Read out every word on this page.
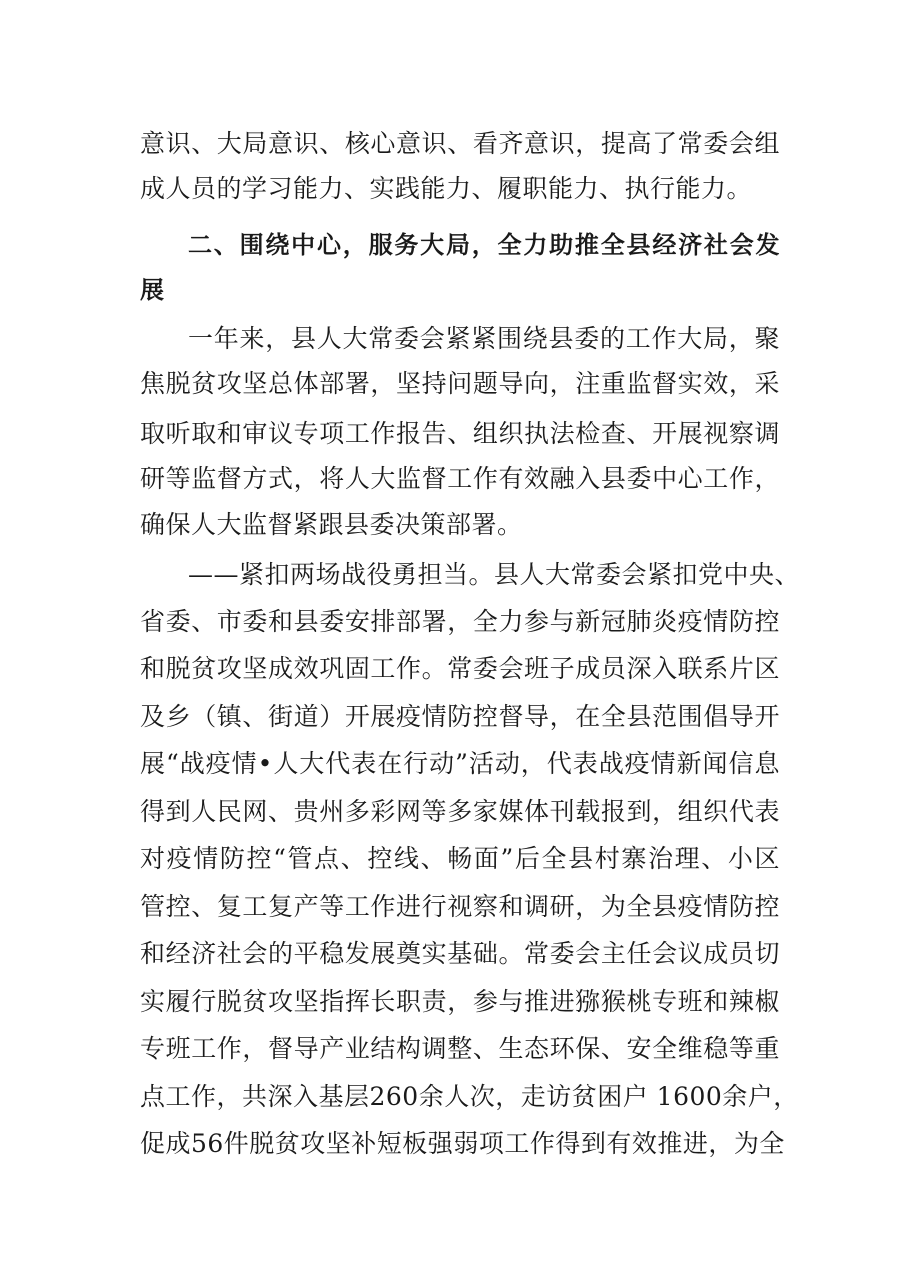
意识、大局意识、核心意识、看齐意识，提高了常委会组
成人员的学习能力、实践能力、履职能力、执行能力。
二、围绕中心，服务大局，全力助推全县经济社会发
展
一年来，县人大常委会紧紧围绕县委的工作大局，聚
焦脱贫攻坚总体部署，坚持问题导向，注重监督实效，采
取听取和审议专项工作报告、组织执法检查、开展视察调
研等监督方式，将人大监督工作有效融入县委中心工作，
确保人大监督紧跟县委决策部署。
——紧扣两场战役勇担当。县人大常委会紧扣党中央、
省委、市委和县委安排部署，全力参与新冠肺炎疫情防控
和脱贫攻坚成效巩固工作。常委会班子成员深入联系片区
及乡（镇、街道）开展疫情防控督导，在全县范围倡导开
展“战疫情•人大代表在行动”活动，代表战疫情新闻信息
得到人民网、贵州多彩网等多家媒体刊载报到，组织代表
对疫情防控“管点、控线、畅面”后全县村寨治理、小区
管控、复工复产等工作进行视察和调研，为全县疫情防控
和经济社会的平稳发展奠实基础。常委会主任会议成员切
实履行脱贫攻坚指挥长职责，参与推进猕猴桃专班和辣椒
专班工作，督导产业结构调整、生态环保、安全维稳等重
点工作，共深入基层260余人次，走访贫困户 1600余户，
促成56件脱贫攻坚补短板强弱项工作得到有效推进，为全
